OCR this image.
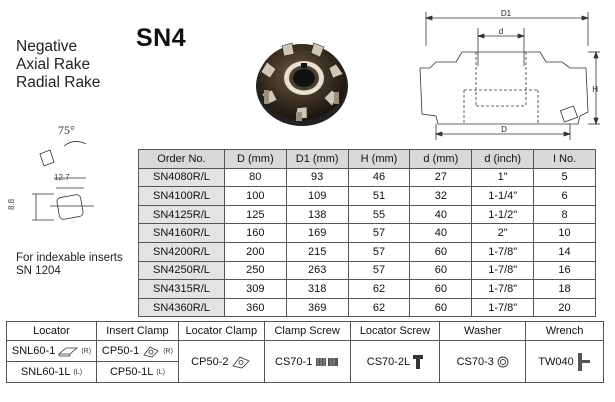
SN4
Negative
Axial Rake
Radial Rake
D1
d
H
D
75°
12.7
8.8
For indexable inserts
SN 1204
Order No.	D (mm)	D1 (mm)	H (mm)	d (mm)	d (inch)	I No.
SN4080R/L	80	93	46	27	1"	5
SN4100R/L	100	109	51	32	1-1/4"	6
SN4125R/L	125	138	55	40	1-1/2"	8
SN4160R/L	160	169	57	40	2"	10
SN4200R/L	200	215	57	60	1-7/8"	14
SN4250R/L	250	263	57	60	1-7/8"	16
SN4315R/L	309	318	62	60	1-7/8"	18
SN4360R/L	360	369	62	60	1-7/8"	20
Locator	Insert Clamp	Locator Clamp	Clamp Screw	Locator Screw	Washer	Wrench

SNL60-1 (R)	CP50-1 (R)	CP50-2	CS70-1	CS70-2L	CS70-3	TW040

SNL60-1L (L)	CP50-1L (L)					
